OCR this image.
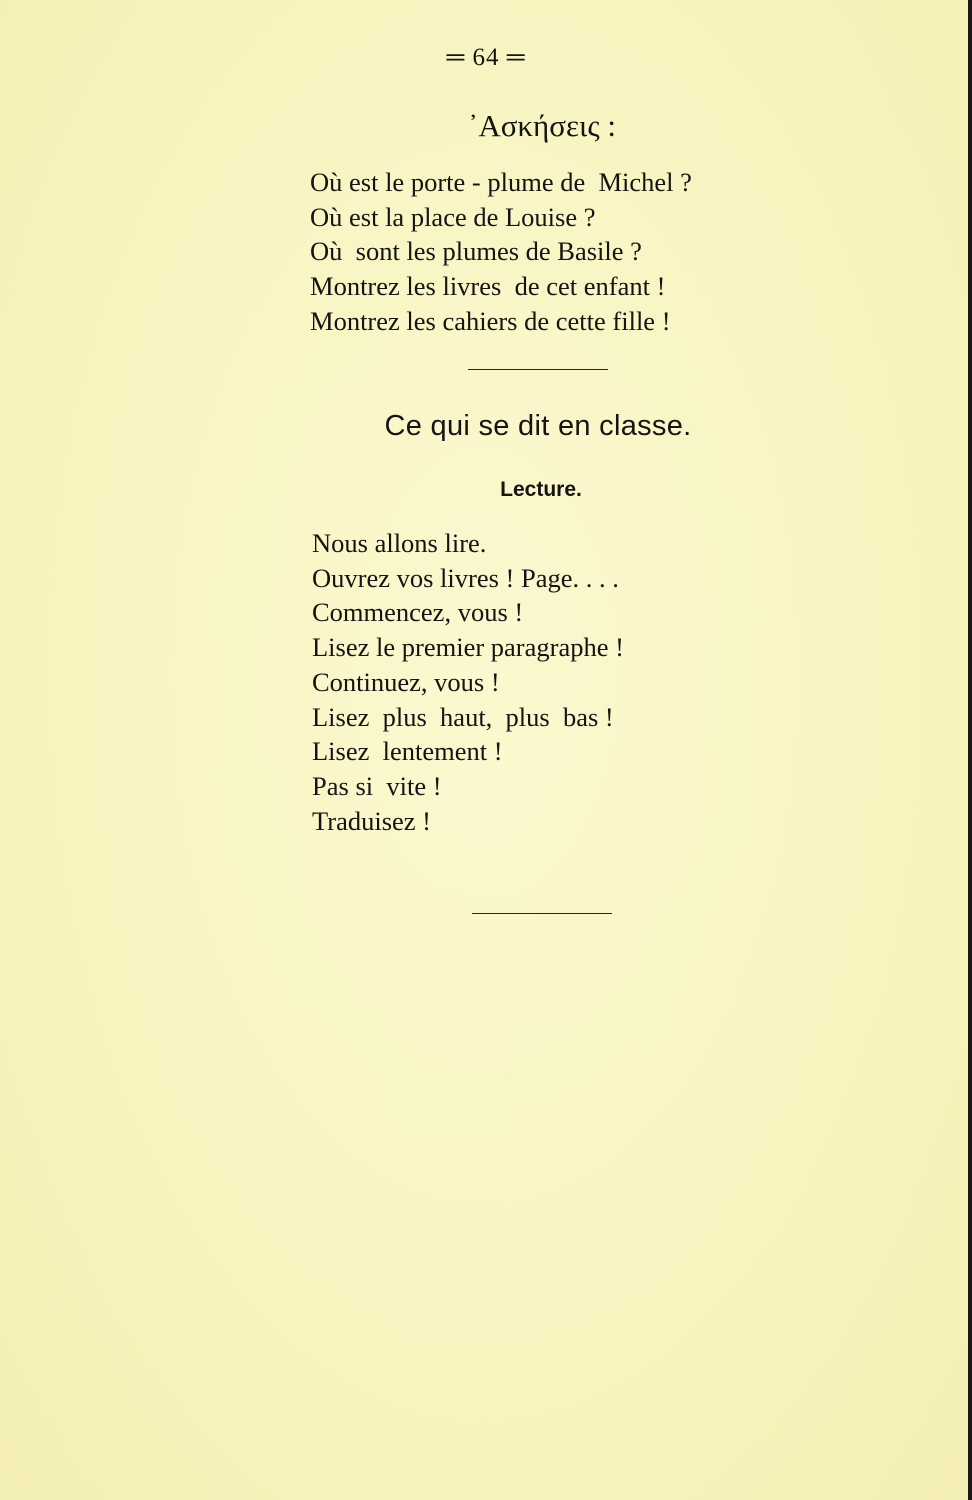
═ 64 ═
᾿Ασκήσεις :
Où est le porte - plume de  Michel ?
Où est la place de Louise ?
Où  sont les plumes de Basile ?
Montrez les livres  de cet enfant !
Montrez les cahiers de cette fille !
Ce qui se dit en classe.
Lecture.
Nous allons lire.
Ouvrez vos livres ! Page. . . .
Commencez, vous !
Lisez le premier paragraphe !
Continuez, vous !
Lisez  plus  haut,  plus  bas !
Lisez  lentement !
Pas si  vite !
Traduisez !
